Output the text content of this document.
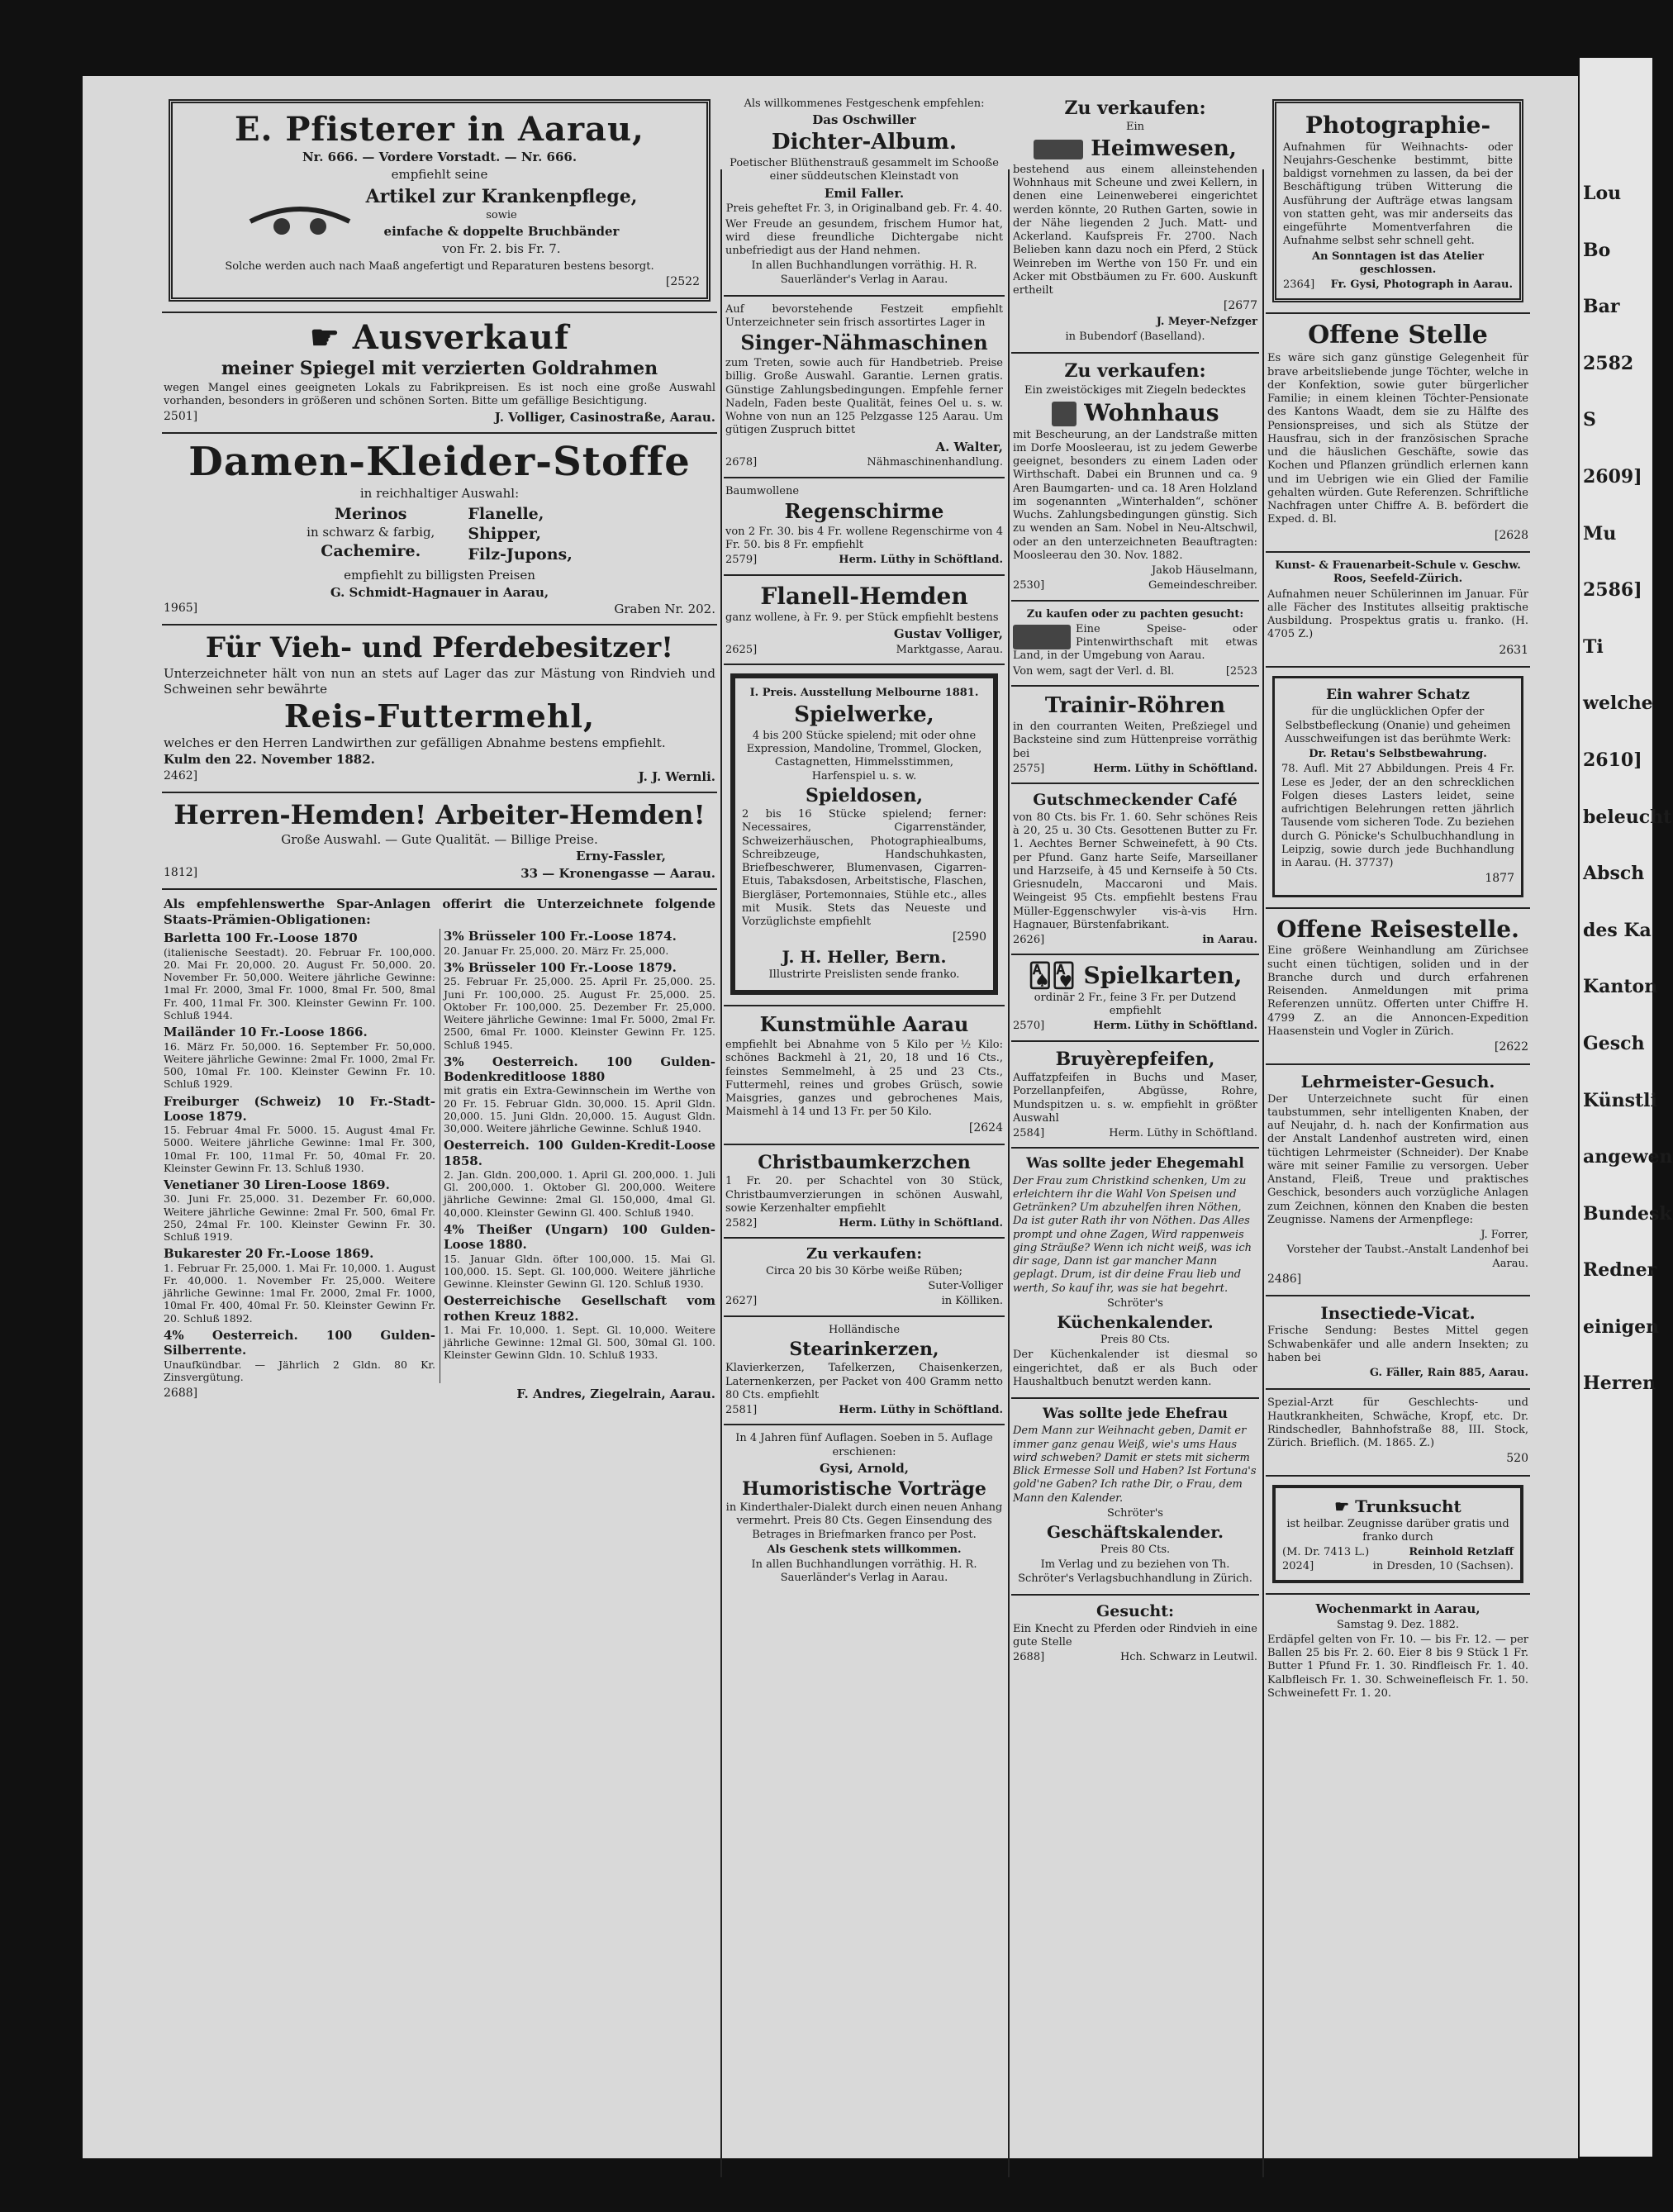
E. Pfisterer in Aarau,

Nr. 666. — Vordere Vorstadt. — Nr. 666.

empfiehlt seine

Artikel zur Krankenpflege,

sowie

einfache & doppelte Bruchbänder

von Fr. 2. bis Fr. 7.

Solche werden auch nach Maaß angefertigt und Reparaturen bestens besorgt.

[2522

☛ Ausverkauf

meiner Spiegel mit verzierten Goldrahmen

wegen Mangel eines geeigneten Lokals zu Fabrikpreisen. Es ist noch eine große Auswahl vorhanden, besonders in größeren und schönen Sorten. Bitte um gefällige Besichtigung.

2501]	J. Volliger, Casinostraße, Aarau.

Damen-Kleider-Stoffe

in reichhaltiger Auswahl:

Merinos

in schwarz & farbig,

Cachemire.

Flanelle,

Shipper,

Filz-Jupons,

empfiehlt zu billigsten Preisen

G. Schmidt-Hagnauer in Aarau,

1965]	Graben Nr. 202.

Für Vieh- und Pferdebesitzer!

Unterzeichneter hält von nun an stets auf Lager das zur Mästung von Rindvieh und Schweinen sehr bewährte

Reis-Futtermehl,

welches er den Herren Landwirthen zur gefälligen Abnahme bestens empfiehlt.

Kulm den 22. November 1882.

2462]	J. J. Wernli.

Herren-Hemden! Arbeiter-Hemden!

Große Auswahl. — Gute Qualität. — Billige Preise.

Erny-Fassler,

1812]	33 — Kronengasse — Aarau.

Als empfehlenswerthe Spar-Anlagen offerirt die Unterzeichnete folgende Staats-Prämien-Obligationen:

Barletta 100 Fr.-Loose 1870
(italienische Seestadt). 20. Februar Fr. 100,000. 20. Mai Fr. 20,000. 20. August Fr. 50,000. 20. November Fr. 50,000. Weitere jährliche Gewinne: 1mal Fr. 2000, 3mal Fr. 1000, 8mal Fr. 500, 8mal Fr. 400, 11mal Fr. 300. Kleinster Gewinn Fr. 100. Schluß 1944.
Mailänder 10 Fr.-Loose 1866.
16. März Fr. 50,000. 16. September Fr. 50,000. Weitere jährliche Gewinne: 2mal Fr. 1000, 2mal Fr. 500, 10mal Fr. 100. Kleinster Gewinn Fr. 10. Schluß 1929.
Freiburger (Schweiz) 10 Fr.-Stadt-Loose 1879.
15. Februar 4mal Fr. 5000. 15. August 4mal Fr. 5000. Weitere jährliche Gewinne: 1mal Fr. 300, 10mal Fr. 100, 11mal Fr. 50, 40mal Fr. 20. Kleinster Gewinn Fr. 13. Schluß 1930.
Venetianer 30 Liren-Loose 1869.
30. Juni Fr. 25,000. 31. Dezember Fr. 60,000. Weitere jährliche Gewinne: 2mal Fr. 500, 6mal Fr. 250, 24mal Fr. 100. Kleinster Gewinn Fr. 30. Schluß 1919.
Bukarester 20 Fr.-Loose 1869.
1. Februar Fr. 25,000. 1. Mai Fr. 10,000. 1. August Fr. 40,000. 1. November Fr. 25,000. Weitere jährliche Gewinne: 1mal Fr. 2000, 2mal Fr. 1000, 10mal Fr. 400, 40mal Fr. 50. Kleinster Gewinn Fr. 20. Schluß 1892.
4% Oesterreich. 100 Gulden-Silberrente.
Unaufkündbar. — Jährlich 2 Gldn. 80 Kr. Zinsvergütung.
3% Brüsseler 100 Fr.-Loose 1874.
20. Januar Fr. 25,000. 20. März Fr. 25,000.
3% Brüsseler 100 Fr.-Loose 1879.
25. Februar Fr. 25,000. 25. April Fr. 25,000. 25. Juni Fr. 100,000. 25. August Fr. 25,000. 25. Oktober Fr. 100,000. 25. Dezember Fr. 25,000. Weitere jährliche Gewinne: 1mal Fr. 5000, 2mal Fr. 2500, 6mal Fr. 1000. Kleinster Gewinn Fr. 125. Schluß 1945.
3% Oesterreich. 100 Gulden-Bodenkreditloose 1880
mit gratis ein Extra-Gewinnschein im Werthe von 20 Fr. 15. Februar Gldn. 30,000. 15. April Gldn. 20,000. 15. Juni Gldn. 20,000. 15. August Gldn. 30,000. Weitere jährliche Gewinne. Schluß 1940.
Oesterreich. 100 Gulden-Kredit-Loose 1858.
2. Jan. Gldn. 200,000. 1. April Gl. 200,000. 1. Juli Gl. 200,000. 1. Oktober Gl. 200,000. Weitere jährliche Gewinne: 2mal Gl. 150,000, 4mal Gl. 40,000. Kleinster Gewinn Gl. 400. Schluß 1940.
4% Theißer (Ungarn) 100 Gulden-Loose 1880.
15. Januar Gldn. öfter 100,000. 15. Mai Gl. 100,000. 15. Sept. Gl. 100,000. Weitere jährliche Gewinne. Kleinster Gewinn Gl. 120. Schluß 1930.
Oesterreichische Gesellschaft vom rothen Kreuz 1882.
1. Mai Fr. 10,000. 1. Sept. Gl. 10,000. Weitere jährliche Gewinne: 12mal Gl. 500, 30mal Gl. 100. Kleinster Gewinn Gldn. 10. Schluß 1933.
2688]	F. Andres, Ziegelrain, Aarau.

Als willkommenes Festgeschenk empfehlen:

Das Oschwiller

Dichter-Album.

Poetischer Blüthenstrauß gesammelt im Schooße einer süddeutschen Kleinstadt von

Emil Faller.

Preis geheftet Fr. 3, in Originalband geb. Fr. 4. 40.

Wer Freude an gesundem, frischem Humor hat, wird diese freundliche Dichtergabe nicht unbefriedigt aus der Hand nehmen.

In allen Buchhandlungen vorräthig. H. R. Sauerländer's Verlag in Aarau.

Auf bevorstehende Festzeit empfiehlt Unterzeichneter sein frisch assortirtes Lager in

Singer-Nähmaschinen

zum Treten, sowie auch für Handbetrieb. Preise billig. Große Auswahl. Garantie. Lernen gratis. Günstige Zahlungsbedingungen. Empfehle ferner Nadeln, Faden beste Qualität, feines Oel u. s. w. Wohne von nun an 125 Pelzgasse 125 Aarau. Um gütigen Zuspruch bittet

A. Walter,

2678]	Nähmaschinenhandlung.

Baumwollene

Regenschirme

von 2 Fr. 30. bis 4 Fr. wollene Regenschirme von 4 Fr. 50. bis 8 Fr. empfiehlt

2579]	Herm. Lüthy in Schöftland.

Flanell-Hemden

ganz wollene, à Fr. 9. per Stück empfiehlt bestens

Gustav Volliger,

2625]	Marktgasse, Aarau.

I. Preis. Ausstellung Melbourne 1881.

Spielwerke,

4 bis 200 Stücke spielend; mit oder ohne Expression, Mandoline, Trommel, Glocken, Castagnetten, Himmelsstimmen, Harfenspiel u. s. w.

Spieldosen,

2 bis 16 Stücke spielend; ferner: Necessaires, Cigarrenständer, Schweizerhäuschen, Photographiealbums, Schreibzeuge, Handschuhkasten, Briefbeschwerer, Blumenvasen, Cigarren-Etuis, Tabaksdosen, Arbeitstische, Flaschen, Biergläser, Portemonnaies, Stühle etc., alles mit Musik. Stets das Neueste und Vorzüglichste empfiehlt

[2590

J. H. Heller, Bern.

Illustrirte Preislisten sende franko.

Kunstmühle Aarau

empfiehlt bei Abnahme von 5 Kilo per ½ Kilo: schönes Backmehl à 21, 20, 18 und 16 Cts., feinstes Semmelmehl, à 25 und 23 Cts., Futtermehl, reines und grobes Grüsch, sowie Maisgries, ganzes und gebrochenes Mais, Maismehl à 14 und 13 Fr. per 50 Kilo.

[2624

Christbaumkerzchen

1 Fr. 20. per Schachtel von 30 Stück, Christbaumverzierungen in schönen Auswahl, sowie Kerzenhalter empfiehlt

2582]	Herm. Lüthy in Schöftland.

Zu verkaufen:

Circa 20 bis 30 Körbe weiße Rüben;

Suter-Volliger

2627]	in Kölliken.

Holländische

Stearinkerzen,

Klavierkerzen, Tafelkerzen, Chaisenkerzen, Laternenkerzen, per Packet von 400 Gramm netto 80 Cts. empfiehlt

2581]	Herm. Lüthy in Schöftland.

In 4 Jahren fünf Auflagen. Soeben in 5. Auflage erschienen:

Gysi, Arnold,

Humoristische Vorträge

in Kinderthaler-Dialekt durch einen neuen Anhang vermehrt. Preis 80 Cts. Gegen Einsendung des Betrages in Briefmarken franco per Post.

Als Geschenk stets willkommen.

In allen Buchhandlungen vorräthig. H. R. Sauerländer's Verlag in Aarau.

Zu verkaufen:

Ein

Heimwesen,

bestehend aus einem alleinstehenden Wohnhaus mit Scheune und zwei Kellern, in denen eine Leinenweberei eingerichtet werden könnte, 20 Ruthen Garten, sowie in der Nähe liegenden 2 Juch. Matt- und Ackerland. Kaufspreis Fr. 2700. Nach Belieben kann dazu noch ein Pferd, 2 Stück Weinreben im Werthe von 150 Fr. und ein Acker mit Obstbäumen zu Fr. 600. Auskunft ertheilt

[2677

J. Meyer-Nefzger

in Bubendorf (Baselland).

Zu verkaufen:

Ein zweistöckiges mit Ziegeln bedecktes

Wohnhaus

mit Bescheurung, an der Landstraße mitten im Dorfe Moosleerau, ist zu jedem Gewerbe geeignet, besonders zu einem Laden oder Wirthschaft. Dabei ein Brunnen und ca. 9 Aren Baumgarten- und ca. 18 Aren Holzland im sogenannten „Winterhalden“, schöner Wuchs. Zahlungsbedingungen günstig. Sich zu wenden an Sam. Nobel in Neu-Altschwil, oder an den unterzeichneten Beauftragten: Moosleerau den 30. Nov. 1882.

Jakob Häuselmann,

2530]	Gemeindeschreiber.

Zu kaufen oder zu pachten gesucht:

Eine Speise- oder Pintenwirthschaft mit etwas Land, in der Umgebung von Aarau.

Von wem, sagt der Verl. d. Bl.	[2523

Trainir-Röhren

in den courranten Weiten, Preßziegel und Backsteine sind zum Hüttenpreise vorräthig bei

2575]	Herm. Lüthy in Schöftland.

Gutschmeckender Café

von 80 Cts. bis Fr. 1. 60. Sehr schönes Reis à 20, 25 u. 30 Cts. Gesottenen Butter zu Fr. 1. Aechtes Berner Schweinefett, à 90 Cts. per Pfund. Ganz harte Seife, Marseillaner und Harzseife, à 45 und Kernseife à 50 Cts. Griesnudeln, Maccaroni und Mais. Weingeist 95 Cts. empfiehlt bestens Frau Müller-Eggenschwyler vis-à-vis Hrn. Hagnauer, Bürstenfabrikant.

2626]	in Aarau.

🂡🂱 Spielkarten,

ordinär 2 Fr., feine 3 Fr. per Dutzend empfiehlt

2570]	Herm. Lüthy in Schöftland.

Bruyèrepfeifen,

Auffatzpfeifen in Buchs und Maser, Porzellanpfeifen, Abgüsse, Rohre, Mundspitzen u. s. w. empfiehlt in größter Auswahl

2584]	Herm. Lüthy in Schöftland.

Was sollte jeder Ehegemahl

Der Frau zum Christkind schenken, Um zu erleichtern ihr die Wahl Von Speisen und Getränken? Um abzuhelfen ihren Nöthen, Da ist guter Rath ihr von Nöthen. Das Alles prompt und ohne Zagen, Wird rappenweis ging Sträuße? Wenn ich nicht weiß, was ich dir sage, Dann ist gar mancher Mann geplagt. Drum, ist dir deine Frau lieb und werth, So kauf ihr, was sie hat begehrt.

Schröter's

Küchenkalender.

Preis 80 Cts.

Der Küchenkalender ist diesmal so eingerichtet, daß er als Buch oder Haushaltbuch benutzt werden kann.

Was sollte jede Ehefrau

Dem Mann zur Weihnacht geben, Damit er immer ganz genau Weiß, wie's ums Haus wird schweben? Damit er stets mit sicherm Blick Ermesse Soll und Haben? Ist Fortuna's gold'ne Gaben? Ich rathe Dir, o Frau, dem Mann den Kalender.

Schröter's

Geschäftskalender.

Preis 80 Cts.

Im Verlag und zu beziehen von Th. Schröter's Verlagsbuchhandlung in Zürich.

Gesucht:

Ein Knecht zu Pferden oder Rindvieh in eine gute Stelle

2688]	Hch. Schwarz in Leutwil.

Photographie-

Aufnahmen für Weihnachts- oder Neujahrs-Geschenke bestimmt, bitte baldigst vornehmen zu lassen, da bei der Beschäftigung trüben Witterung die Ausführung der Aufträge etwas langsam von statten geht, was mir anderseits das eingeführte Momentverfahren die Aufnahme selbst sehr schnell geht.

An Sonntagen ist das Atelier geschlossen.

2364] Fr. Gysi, Photograph in Aarau.

Offene Stelle

Es wäre sich ganz günstige Gelegenheit für brave arbeitsliebende junge Töchter, welche in der Konfektion, sowie guter bürgerlicher Familie; in einem kleinen Töchter-Pensionate des Kantons Waadt, dem sie zu Hälfte des Pensionspreises, und sich als Stütze der Hausfrau, sich in der französischen Sprache und die häuslichen Geschäfte, sowie das Kochen und Pflanzen gründlich erlernen kann und im Uebrigen wie ein Glied der Familie gehalten würden. Gute Referenzen. Schriftliche Nachfragen unter Chiffre A. B. befördert die Exped. d. Bl.

[2628

Kunst- & Frauenarbeit-Schule v. Geschw. Roos, Seefeld-Zürich.

Aufnahmen neuer Schülerinnen im Januar. Für alle Fächer des Institutes allseitig praktische Ausbildung. Prospektus gratis u. franko. (H. 4705 Z.)

2631

Ein wahrer Schatz

für die unglücklichen Opfer der Selbstbefleckung (Onanie) und geheimen Ausschweifungen ist das berühmte Werk:

Dr. Retau's Selbstbewahrung.

78. Aufl. Mit 27 Abbildungen. Preis 4 Fr. Lese es Jeder, der an den schrecklichen Folgen dieses Lasters leidet, seine aufrichtigen Belehrungen retten jährlich Tausende vom sicheren Tode. Zu beziehen durch G. Pönicke's Schulbuchhandlung in Leipzig, sowie durch jede Buchhandlung in Aarau. (H. 37737)

1877

Offene Reisestelle.

Eine größere Weinhandlung am Zürichsee sucht einen tüchtigen, soliden und in der Branche durch und durch erfahrenen Reisenden. Anmeldungen mit prima Referenzen unnütz. Offerten unter Chiffre H. 4799 Z. an die Annoncen-Expedition Haasenstein und Vogler in Zürich.

[2622

Lehrmeister-Gesuch.

Der Unterzeichnete sucht für einen taubstummen, sehr intelligenten Knaben, der auf Neujahr, d. h. nach der Konfirmation aus der Anstalt Landenhof austreten wird, einen tüchtigen Lehrmeister (Schneider). Der Knabe wäre mit seiner Familie zu versorgen. Ueber Anstand, Fleiß, Treue und praktisches Geschick, besonders auch vorzügliche Anlagen zum Zeichnen, können den Knaben die besten Zeugnisse. Namens der Armenpflege:

J. Forrer,

Vorsteher der Taubst.-Anstalt Landenhof bei Aarau.

2486]

Insectiede-Vicat.

Frische Sendung: Bestes Mittel gegen Schwabenkäfer und alle andern Insekten; zu haben bei

G. Fäller, Rain 885, Aarau.

Spezial-Arzt für Geschlechts- und Hautkrankheiten, Schwäche, Kropf, etc. Dr. Rindschedler, Bahnhofstraße 88, III. Stock, Zürich. Brieflich. (M. 1865. Z.)

520

☛ Trunksucht

ist heilbar. Zeugnisse darüber gratis und franko durch

(M. Dr. 7413 L.)	Reinhold Retzlaff
2024]	in Dresden, 10 (Sachsen).

Wochenmarkt in Aarau,

Samstag 9. Dez. 1882.

Erdäpfel gelten von Fr. 10. — bis Fr. 12. — per Ballen 25 bis Fr. 2. 60. Eier 8 bis 9 Stück 1 Fr. Butter 1 Pfund Fr. 1. 30. Rindfleisch Fr. 1. 40. Kalbfleisch Fr. 1. 30. Schweinefleisch Fr. 1. 50. Schweinefett Fr. 1. 20.

Lou
Bo
Bar
2582
S
2609]
Mu
2586]
Ti
welche
2610]
beleucht
Absch
des Ka
Kanton
Gesch
Künstli
angewen
Bundesk
Redner
einigen
Herren
